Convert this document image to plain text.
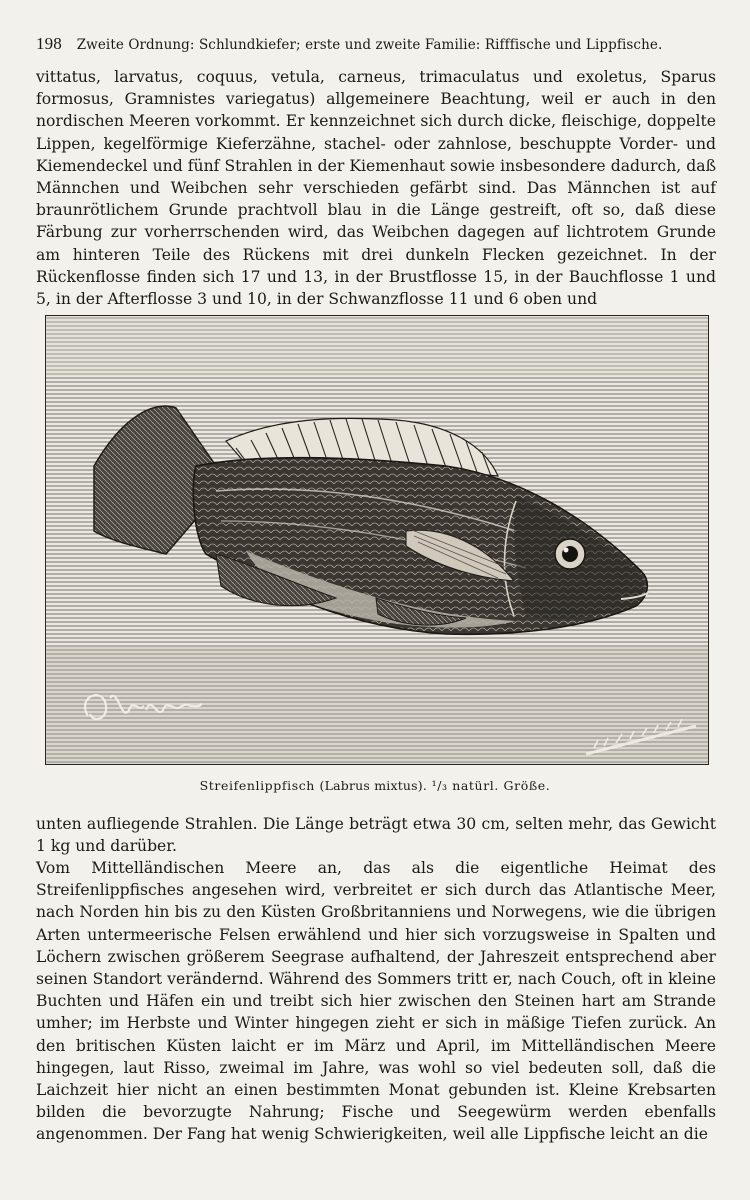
198 Zweite Ordnung: Schlundkiefer; erste und zweite Familie: Rifffische und Lippfische.

vittatus, larvatus, coquus, vetula, carneus, trimaculatus und exoletus, Sparus formosus, Gramnistes variegatus) allgemeinere Beachtung, weil er auch in den nordischen Meeren vorkommt. Er kennzeichnet sich durch dicke, fleischige, doppelte Lippen, kegelförmige Kieferzähne, stachel- oder zahnlose, beschuppte Vorder- und Kiemendeckel und fünf Strahlen in der Kiemenhaut sowie insbesondere dadurch, daß Männchen und Weibchen sehr verschieden gefärbt sind. Das Männchen ist auf braunrötlichem Grunde prachtvoll blau in die Länge gestreift, oft so, daß diese Färbung zur vorherrschenden wird, das Weibchen dagegen auf lichtrotem Grunde am hinteren Teile des Rückens mit drei dunkeln Flecken gezeichnet. In der Rückenflosse finden sich 17 und 13, in der Brustflosse 15, in der Bauchflosse 1 und 5, in der Afterflosse 3 und 10, in der Schwanzflosse 11 und 6 oben und

Streifenlippfisch (Labrus mixtus). ¹/₃ natürl. Größe.

unten aufliegende Strahlen. Die Länge beträgt etwa 30 cm, selten mehr, das Gewicht 1 kg und darüber.

Vom Mittelländischen Meere an, das als die eigentliche Heimat des Streifenlippfisches angesehen wird, verbreitet er sich durch das Atlantische Meer, nach Norden hin bis zu den Küsten Großbritanniens und Norwegens, wie die übrigen Arten untermeerische Felsen erwählend und hier sich vorzugsweise in Spalten und Löchern zwischen größerem Seegrase aufhaltend, der Jahreszeit entsprechend aber seinen Standort verändernd. Während des Sommers tritt er, nach Couch, oft in kleine Buchten und Häfen ein und treibt sich hier zwischen den Steinen hart am Strande umher; im Herbste und Winter hingegen zieht er sich in mäßige Tiefen zurück. An den britischen Küsten laicht er im März und April, im Mittelländischen Meere hingegen, laut Risso, zweimal im Jahre, was wohl so viel bedeuten soll, daß die Laichzeit hier nicht an einen bestimmten Monat gebunden ist. Kleine Krebsarten bilden die bevorzugte Nahrung; Fische und Seegewürm werden ebenfalls angenommen. Der Fang hat wenig Schwierigkeiten, weil alle Lippfische leicht an die
